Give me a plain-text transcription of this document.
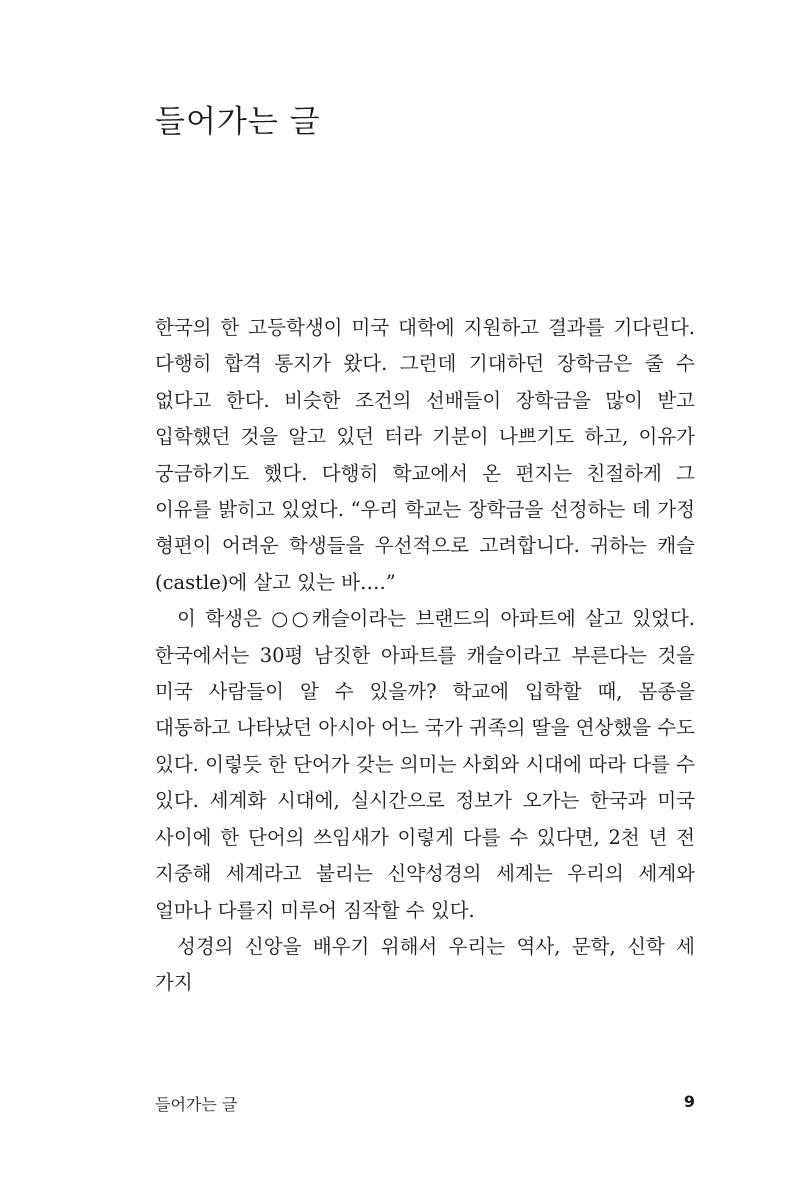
들어가는 글

한국의 한 고등학생이 미국 대학에 지원하고 결과를 기다린다. 다행히 합격 통지가 왔다. 그런데 기대하던 장학금은 줄 수 없다고 한다. 비슷한 조건의 선배들이 장학금을 많이 받고 입학했던 것을 알고 있던 터라 기분이 나쁘기도 하고, 이유가 궁금하기도 했다. 다행히 학교에서 온 편지는 친절하게 그 이유를 밝히고 있었다. “우리 학교는 장학금을 선정하는 데 가정 형편이 어려운 학생들을 우선적으로 고려합니다. 귀하는 캐슬(castle)에 살고 있는 바….”

이 학생은 ○○캐슬이라는 브랜드의 아파트에 살고 있었다. 한국에서는 30평 남짓한 아파트를 캐슬이라고 부른다는 것을 미국 사람들이 알 수 있을까? 학교에 입학할 때, 몸종을 대동하고 나타났던 아시아 어느 국가 귀족의 딸을 연상했을 수도 있다. 이렇듯 한 단어가 갖는 의미는 사회와 시대에 따라 다를 수 있다. 세계화 시대에, 실시간으로 정보가 오가는 한국과 미국 사이에 한 단어의 쓰임새가 이렇게 다를 수 있다면, 2천 년 전 지중해 세계라고 불리는 신약성경의 세계는 우리의 세계와 얼마나 다를지 미루어 짐작할 수 있다.

성경의 신앙을 배우기 위해서 우리는 역사, 문학, 신학 세 가지

들어가는 글	9
